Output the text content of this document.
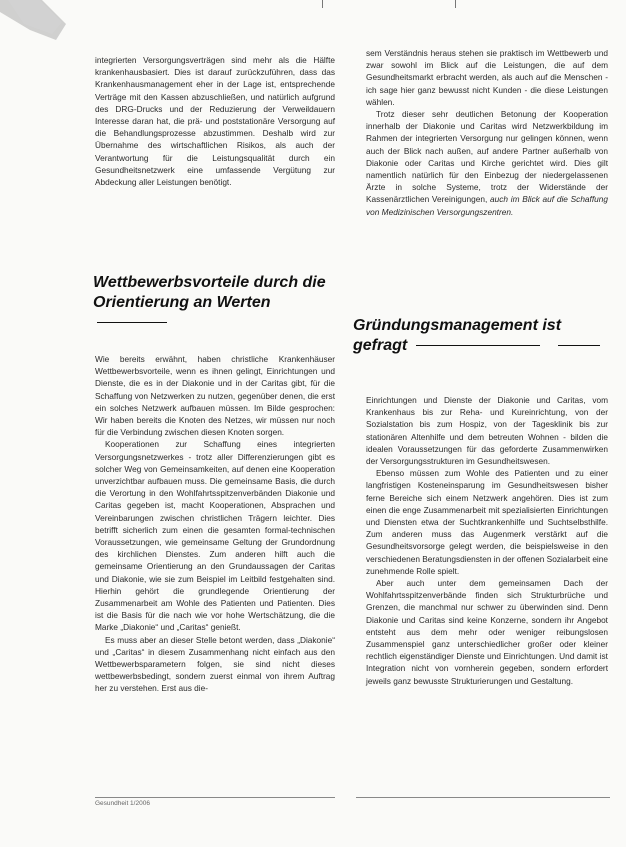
integrierten Versorgungsverträgen sind mehr als die Hälfte krankenhausbasiert. Dies ist darauf zurückzuführen, dass das Krankenhausmanagement eher in der Lage ist, entsprechende Verträge mit den Kassen abzuschließen, und natürlich aufgrund des DRG-Drucks und der Reduzierung der Verweildauern Interesse daran hat, die prä- und poststationäre Versorgung auf die Behandlungsprozesse abzustimmen. Deshalb wird zur Übernahme des wirtschaftlichen Risikos, als auch der Verantwortung für die Leistungsqualität durch ein Gesundheitsnetzwerk eine umfassende Vergütung zur Abdeckung aller Leistungen benötigt.

Wettbewerbsvorteile durch die
Orientierung an Werten

Wie bereits erwähnt, haben christliche Krankenhäuser Wettbewerbsvorteile, wenn es ihnen gelingt, Einrichtungen und Dienste, die es in der Diakonie und in der Caritas gibt, für die Schaffung von Netzwerken zu nutzen, gegenüber denen, die erst ein solches Netzwerk aufbauen müssen. Im Bilde gesprochen: Wir haben bereits die Knoten des Netzes, wir müssen nur noch für die Verbindung zwischen diesen Knoten sorgen.

Kooperationen zur Schaffung eines integrierten Versorgungsnetzwerkes - trotz aller Differenzierungen gibt es solcher Weg von Gemeinsamkeiten, auf denen eine Kooperation unverzichtbar aufbauen muss. Die gemeinsame Basis, die durch die Verortung in den Wohlfahrtsspitzenverbänden Diakonie und Caritas gegeben ist, macht Kooperationen, Absprachen und Vereinbarungen zwischen christlichen Trägern leichter. Dies betrifft sicherlich zum einen die gesamten formal-technischen Voraussetzungen, wie gemeinsame Geltung der Grundordnung des kirchlichen Dienstes. Zum anderen hilft auch die gemeinsame Orientierung an den Grundaussagen der Caritas und Diakonie, wie sie zum Beispiel im Leitbild festgehalten sind. Hierhin gehört die grundlegende Orientierung der Zusammenarbeit am Wohle des Patienten und Patienten. Dies ist die Basis für die nach wie vor hohe Wertschätzung, die die Marke „Diakonie“ und „Caritas“ genießt.

Es muss aber an dieser Stelle betont werden, dass „Diakonie“ und „Caritas“ in diesem Zusammenhang nicht einfach aus den Wettbewerbsparametern folgen, sie sind nicht dieses wettbewerbsbedingt, sondern zuerst einmal von ihrem Auftrag her zu verstehen. Erst aus die-

sem Verständnis heraus stehen sie praktisch im Wettbewerb und zwar sowohl im Blick auf die Leistungen, die auf dem Gesundheitsmarkt erbracht werden, als auch auf die Menschen - ich sage hier ganz bewusst nicht Kunden - die diese Leistungen wählen.

Trotz dieser sehr deutlichen Betonung der Kooperation innerhalb der Diakonie und Caritas wird Netzwerkbildung im Rahmen der integrierten Versorgung nur gelingen können, wenn auch der Blick nach außen, auf andere Partner außerhalb von Diakonie oder Caritas und Kirche gerichtet wird. Dies gilt namentlich natürlich für den Einbezug der niedergelassenen Ärzte in solche Systeme, trotz der Widerstände der Kassenärztlichen Vereinigungen, auch im Blick auf die Schaffung von Medizinischen Versorgungszentren.

Gründungsmanagement ist
gefragt

Einrichtungen und Dienste der Diakonie und Caritas, vom Krankenhaus bis zur Reha- und Kureinrichtung, von der Sozialstation bis zum Hospiz, von der Tagesklinik bis zur stationären Altenhilfe und dem betreuten Wohnen - bilden die idealen Voraussetzungen für das geforderte Zusammenwirken der Versorgungsstrukturen im Gesundheitswesen.

Ebenso müssen zum Wohle des Patienten und zu einer langfristigen Kosteneinsparung im Gesundheitswesen bisher ferne Bereiche sich einem Netzwerk angehören. Dies ist zum einen die enge Zusammenarbeit mit spezialisierten Einrichtungen und Diensten etwa der Suchtkrankenhilfe und Suchtselbsthilfe. Zum anderen muss das Augenmerk verstärkt auf die Gesundheitsvorsorge gelegt werden, die beispielsweise in den verschiedenen Beratungsdiensten in der offenen Sozialarbeit eine zunehmende Rolle spielt.

Aber auch unter dem gemeinsamen Dach der Wohlfahrtsspitzenverbände finden sich Strukturbrüche und Grenzen, die manchmal nur schwer zu überwinden sind. Denn Diakonie und Caritas sind keine Konzerne, sondern ihr Angebot entsteht aus dem mehr oder weniger reibungslosen Zusammenspiel ganz unterschiedlicher großer oder kleiner rechtlich eigenständiger Dienste und Einrichtungen. Und damit ist Integration nicht von vornherein gegeben, sondern erfordert jeweils ganz bewusste Strukturierungen und Gestaltung.

Gesundheit 1/2006
